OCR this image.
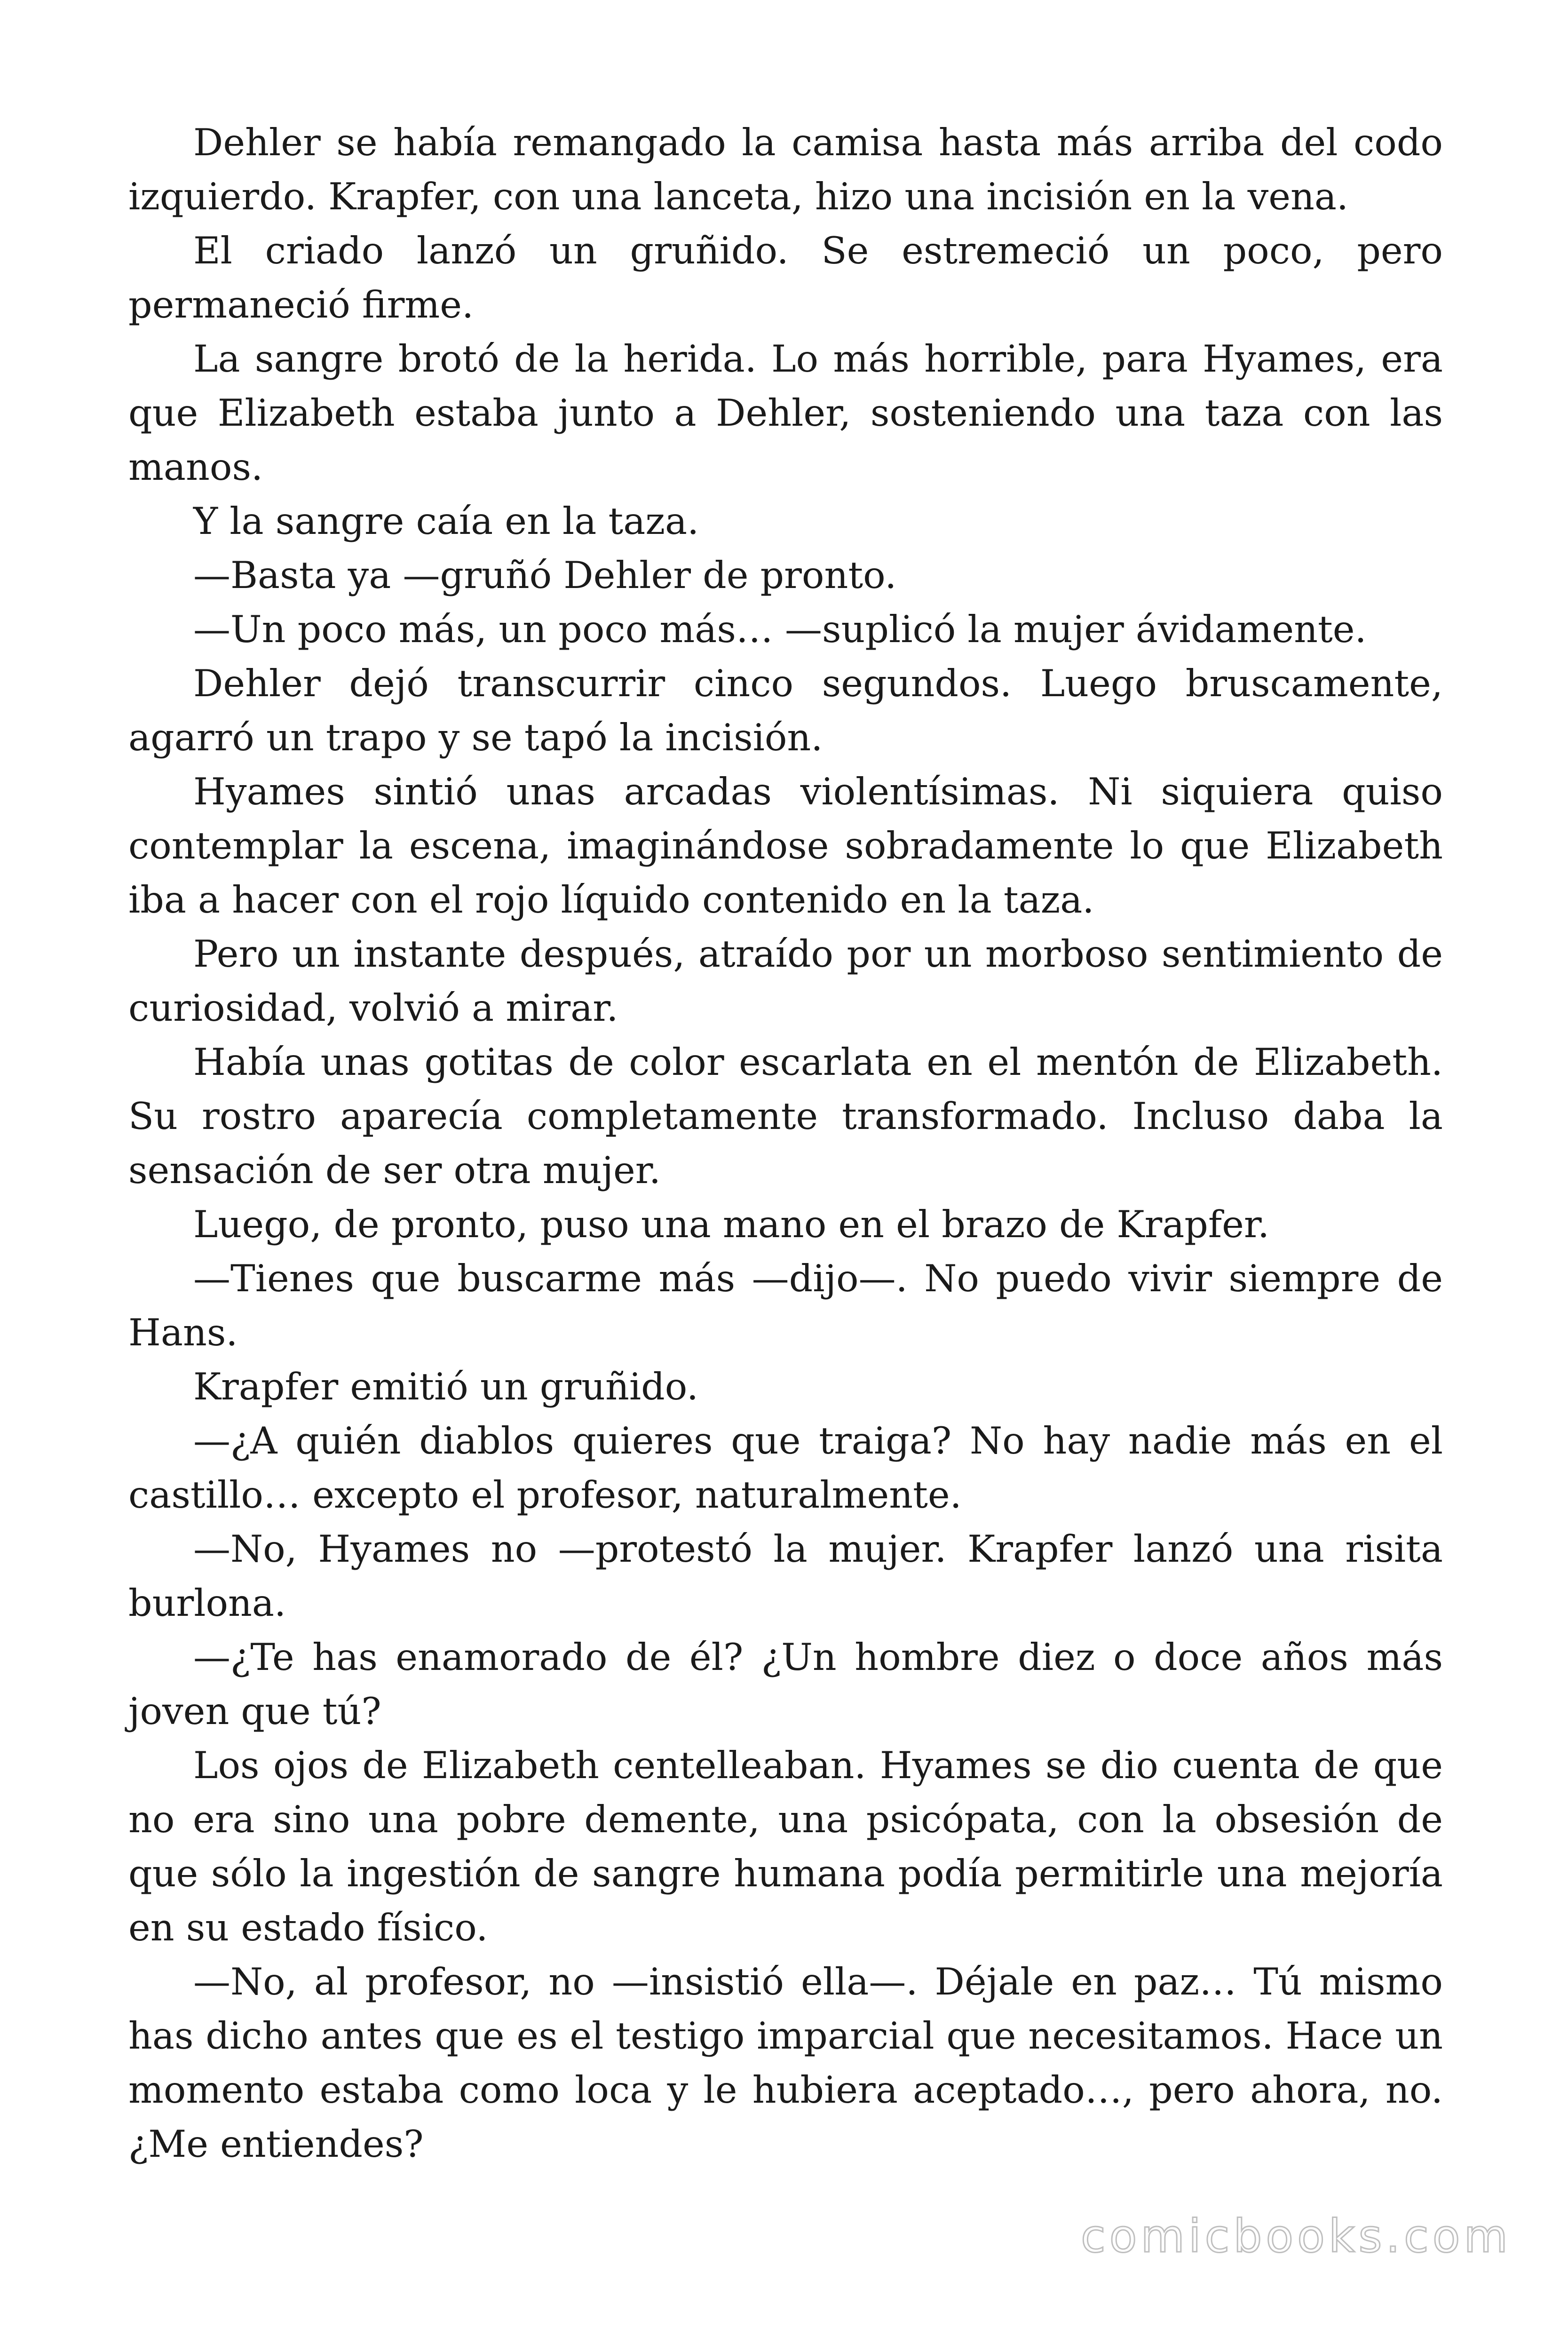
Dehler se había remangado la camisa hasta más arriba del codo izquierdo. Krapfer, con una lanceta, hizo una incisión en la vena.

El criado lanzó un gruñido. Se estremeció un poco, pero permaneció firme.

La sangre brotó de la herida. Lo más horrible, para Hyames, era que Elizabeth estaba junto a Dehler, sosteniendo una taza con las manos.

Y la sangre caía en la taza.

—Basta ya —gruñó Dehler de pronto.

—Un poco más, un poco más… —suplicó la mujer ávidamente.

Dehler dejó transcurrir cinco segundos. Luego bruscamente, agarró un trapo y se tapó la incisión.

Hyames sintió unas arcadas violentísimas. Ni siquiera quiso contemplar la escena, imaginándose sobradamente lo que Elizabeth iba a hacer con el rojo líquido contenido en la taza.

Pero un instante después, atraído por un morboso sentimiento de curiosidad, volvió a mirar.

Había unas gotitas de color escarlata en el mentón de Elizabeth. Su rostro aparecía completamente transformado. Incluso daba la sensación de ser otra mujer.

Luego, de pronto, puso una mano en el brazo de Krapfer.

—Tienes que buscarme más —dijo—. No puedo vivir siempre de Hans.

Krapfer emitió un gruñido.

—¿A quién diablos quieres que traiga? No hay nadie más en el castillo… excepto el profesor, naturalmente.

—No, Hyames no —protestó la mujer. Krapfer lanzó una risita burlona.

—¿Te has enamorado de él? ¿Un hombre diez o doce años más joven que tú?

Los ojos de Elizabeth centelleaban. Hyames se dio cuenta de que no era sino una pobre demente, una psicópata, con la obsesión de que sólo la ingestión de sangre humana podía permitirle una mejoría en su estado físico.

—No, al profesor, no —insistió ella—. Déjale en paz… Tú mismo has dicho antes que es el testigo imparcial que necesitamos. Hace un momento estaba como loca y le hubiera aceptado…, pero ahora, no. ¿Me entiendes?

comicbooks.com
